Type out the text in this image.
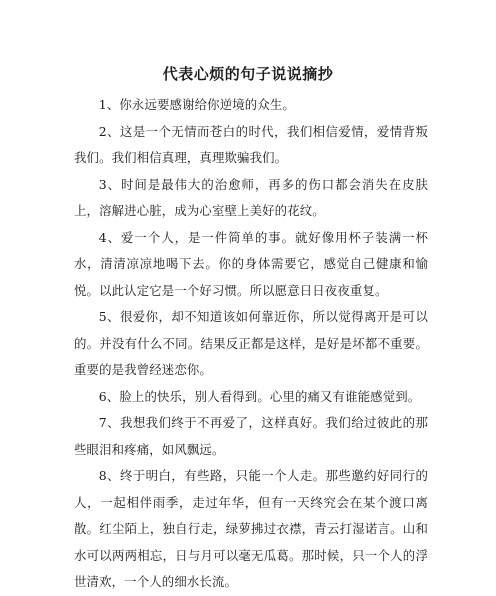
代表心烦的句子说说摘抄

1、你永远要感谢给你逆境的众生。

2、这是一个无情而苍白的时代，我们相信爱情，爱情背叛我们。我们相信真理，真理欺骗我们。

3、时间是最伟大的治愈师，再多的伤口都会消失在皮肤上，溶解进心脏，成为心室壁上美好的花纹。

4、爱一个人，是一件简单的事。就好像用杯子装满一杯水，清清凉凉地喝下去。你的身体需要它，感觉自己健康和愉悦。以此认定它是一个好习惯。所以愿意日日夜夜重复。

5、很爱你，却不知道该如何靠近你，所以觉得离开是可以的。并没有什么不同。结果反正都是这样，是好是坏都不重要。重要的是我曾经迷恋你。

6、脸上的快乐，别人看得到。心里的痛又有谁能感觉到。

7、我想我们终于不再爱了，这样真好。我们给过彼此的那些眼泪和疼痛，如风飘远。

8、终于明白，有些路，只能一个人走。那些邀约好同行的人，一起相伴雨季，走过年华，但有一天终究会在某个渡口离散。红尘陌上，独自行走，绿萝拂过衣襟，青云打湿诺言。山和水可以两两相忘，日与月可以毫无瓜葛。那时候，只一个人的浮世清欢，一个人的细水长流。
